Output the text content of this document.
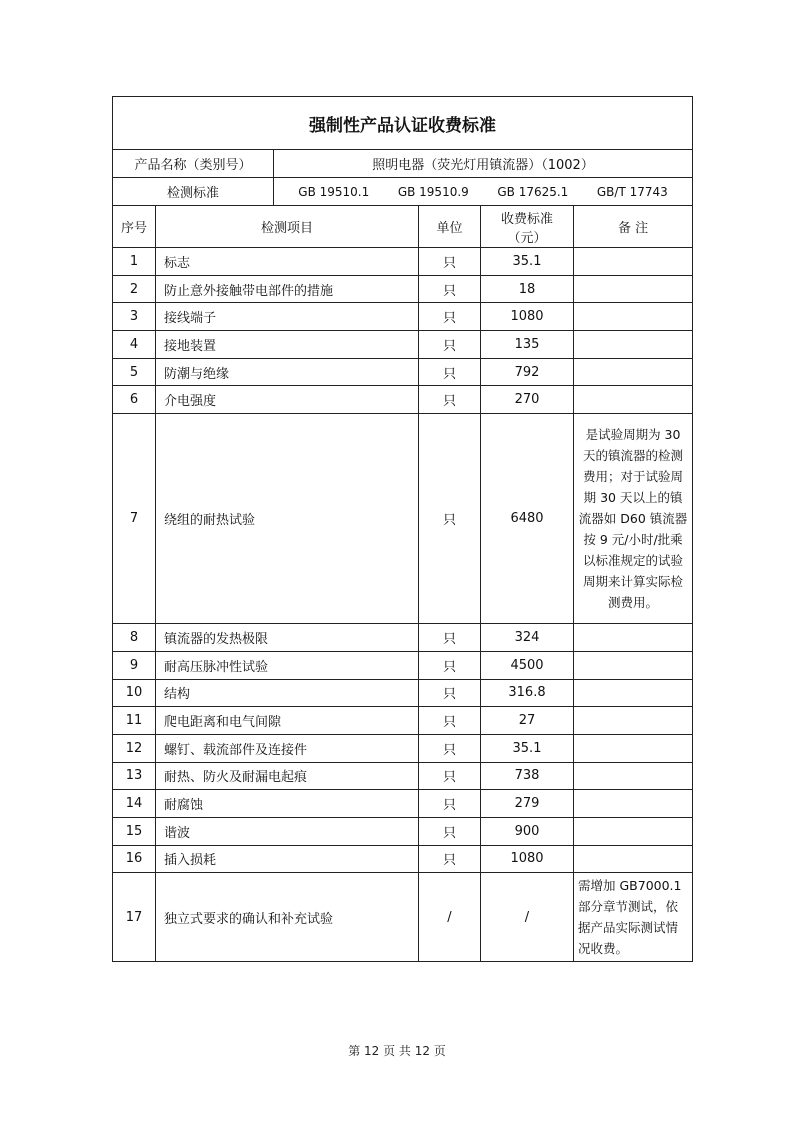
强制性产品认证收费标准					
产品名称（类别号）		照明电器（荧光灯用镇流器）（1002）			
检测标准		GB 19510.1 GB 19510.9 GB 17625.1 GB/T 17743			

序号	检测项目		单位	收费标准（元）	备 注
1	标志		只	35.1	
2	防止意外接触带电部件的措施		只	18	
3	接线端子		只	1080	
4	接地装置		只	135	
5	防潮与绝缘		只	792	
6	介电强度		只	270	
7	绕组的耐热试验		只	6480	是试验周期为 30 天的镇流器的检测费用；对于试验周期 30 天以上的镇流器如 D60 镇流器按 9 元/小时/批乘以标准规定的试验周期来计算实际检测费用。
8	镇流器的发热极限		只	324	
9	耐高压脉冲性试验		只	4500	
10	结构		只	316.8	
11	爬电距离和电气间隙		只	27	
12	螺钉、载流部件及连接件		只	35.1	
13	耐热、防火及耐漏电起痕		只	738	
14	耐腐蚀		只	279	
15	谐波		只	900	
16	插入损耗		只	1080	
17	独立式要求的确认和补充试验		/	/	需增加 GB7000.1 部分章节测试，依据产品实际测试情况收费。
第 12 页 共 12 页
